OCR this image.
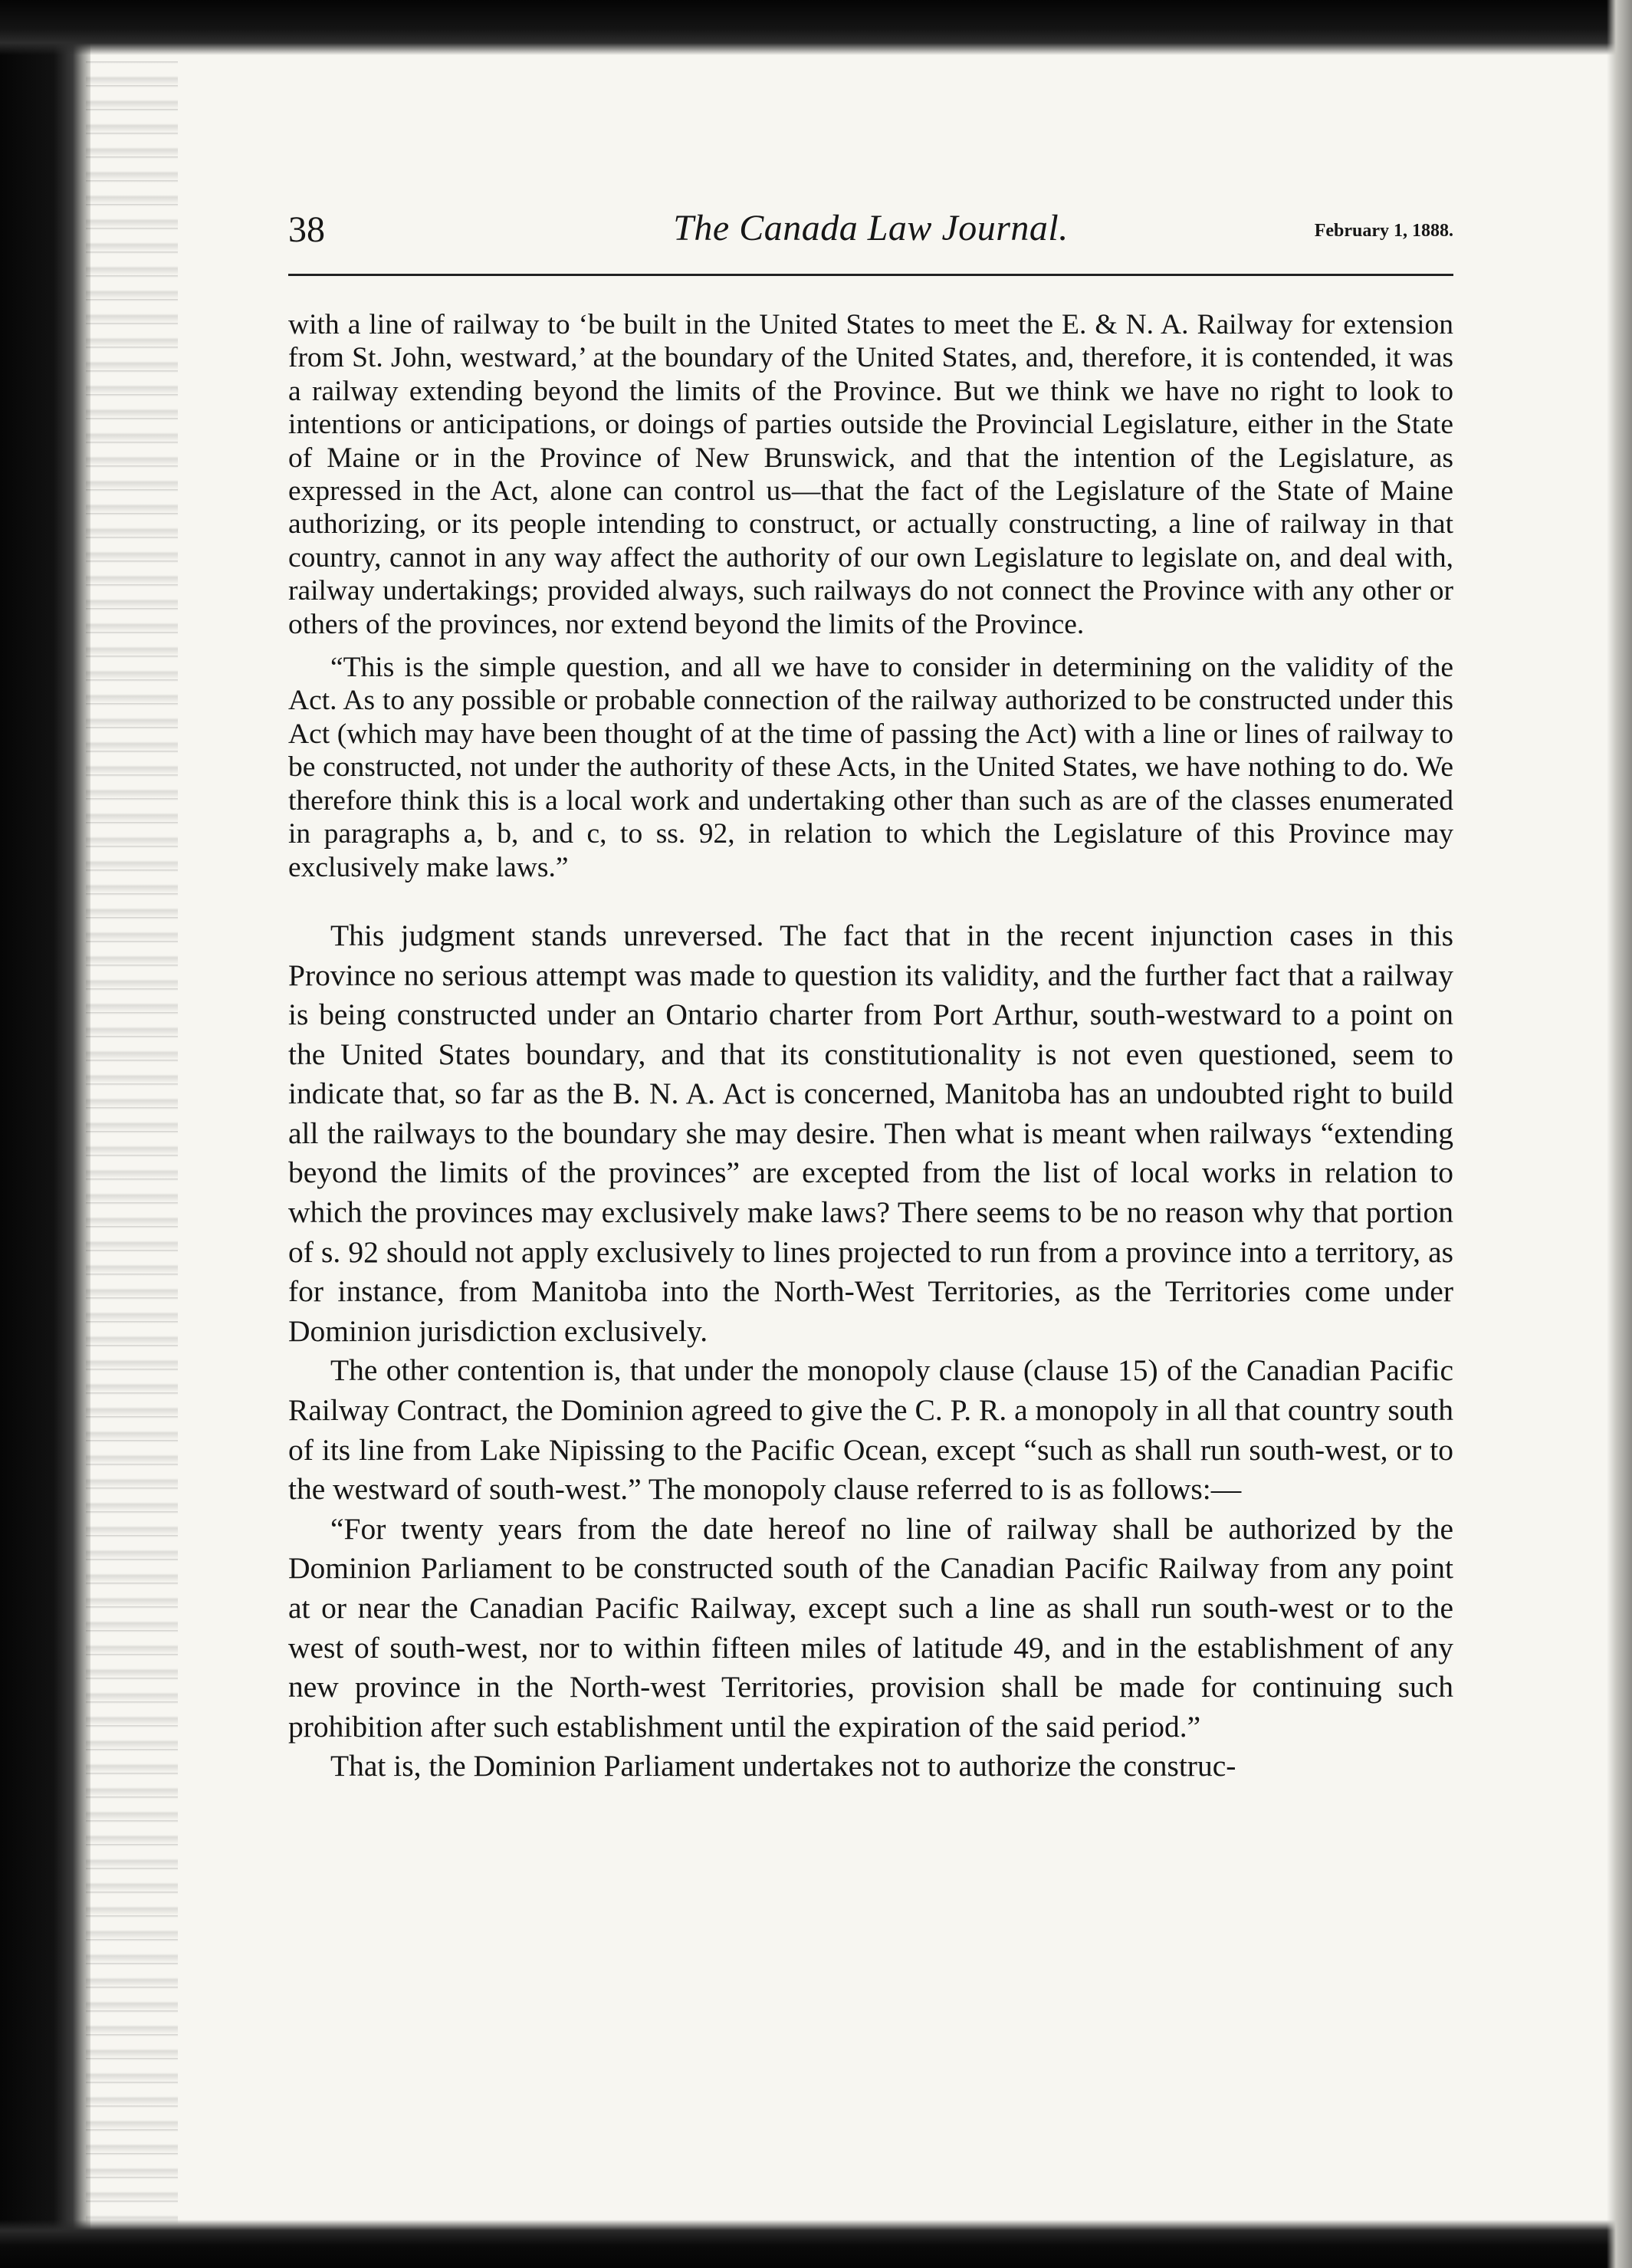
38	The Canada Law Journal.	February 1, 1888.

with a line of railway to ‘be built in the United States to meet the E. & N. A. Railway for extension from St. John, westward,’ at the boundary of the United States, and, therefore, it is contended, it was a railway extending beyond the limits of the Province. But we think we have no right to look to intentions or anticipations, or doings of parties outside the Provincial Legislature, either in the State of Maine or in the Province of New Brunswick, and that the intention of the Legislature, as expressed in the Act, alone can control us—that the fact of the Legislature of the State of Maine authorizing, or its people intending to construct, or actually constructing, a line of railway in that country, cannot in any way affect the authority of our own Legislature to legislate on, and deal with, railway undertakings; provided always, such railways do not connect the Province with any other or others of the provinces, nor extend beyond the limits of the Province.

“This is the simple question, and all we have to consider in determining on the validity of the Act. As to any possible or probable connection of the railway authorized to be constructed under this Act (which may have been thought of at the time of passing the Act) with a line or lines of railway to be constructed, not under the authority of these Acts, in the United States, we have nothing to do. We therefore think this is a local work and undertaking other than such as are of the classes enumerated in paragraphs a, b, and c, to ss. 92, in relation to which the Legislature of this Province may exclusively make laws.”

This judgment stands unreversed. The fact that in the recent injunction cases in this Province no serious attempt was made to question its validity, and the further fact that a railway is being constructed under an Ontario charter from Port Arthur, south-westward to a point on the United States boundary, and that its constitutionality is not even questioned, seem to indicate that, so far as the B. N. A. Act is concerned, Manitoba has an undoubted right to build all the railways to the boundary she may desire. Then what is meant when railways “extending beyond the limits of the provinces” are excepted from the list of local works in relation to which the provinces may exclusively make laws? There seems to be no reason why that portion of s. 92 should not apply exclusively to lines projected to run from a province into a territory, as for instance, from Manitoba into the North-West Territories, as the Territories come under Dominion jurisdiction exclusively.

The other contention is, that under the monopoly clause (clause 15) of the Canadian Pacific Railway Contract, the Dominion agreed to give the C. P. R. a monopoly in all that country south of its line from Lake Nipissing to the Pacific Ocean, except “such as shall run south-west, or to the westward of south-west.” The monopoly clause referred to is as follows:—

“For twenty years from the date hereof no line of railway shall be authorized by the Dominion Parliament to be constructed south of the Canadian Pacific Railway from any point at or near the Canadian Pacific Railway, except such a line as shall run south-west or to the west of south-west, nor to within fifteen miles of latitude 49, and in the establishment of any new province in the North-west Territories, provision shall be made for continuing such prohibition after such establishment until the expiration of the said period.”

That is, the Dominion Parliament undertakes not to authorize the construc-
